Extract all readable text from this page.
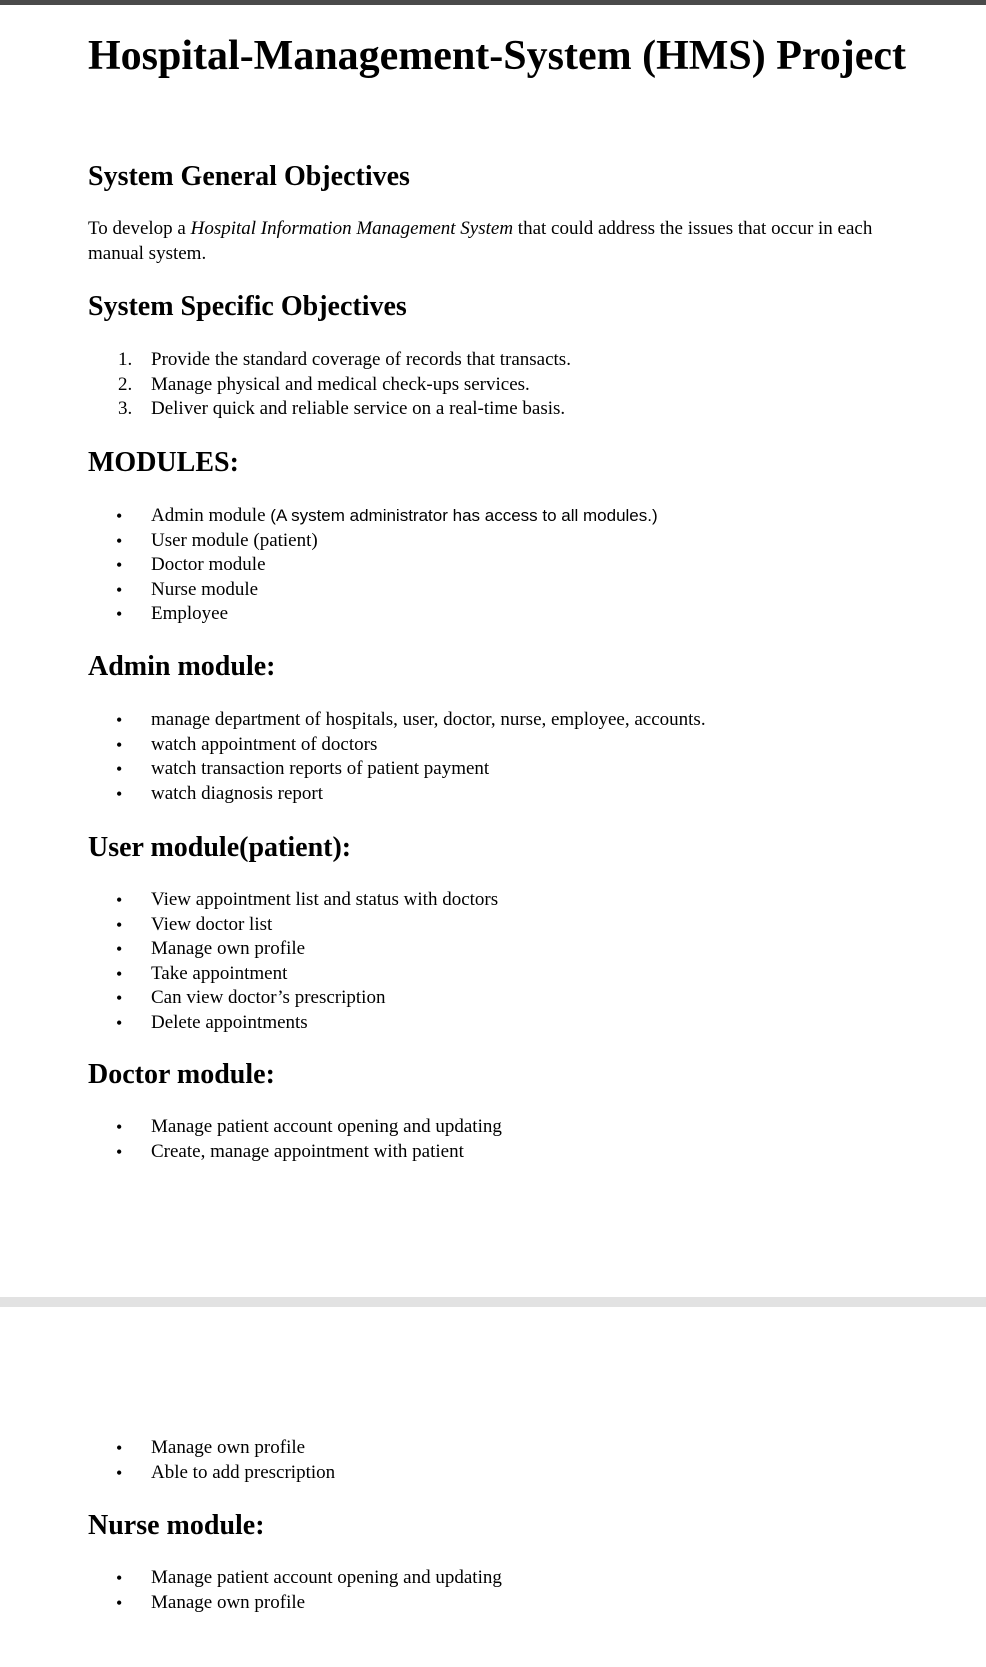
Hospital-Management-System (HMS) Project
System General Objectives
To develop a Hospital Information Management System that could address the issues that occur in each manual system.
System Specific Objectives
1. Provide the standard coverage of records that transacts.
2. Manage physical and medical check-ups services.
3. Deliver quick and reliable service on a real-time basis.
MODULES:
• Admin module (A system administrator has access to all modules.)
• User module (patient)
• Doctor module
• Nurse module
• Employee
Admin module:
• manage department of hospitals, user, doctor, nurse, employee, accounts.
• watch appointment of doctors
• watch transaction reports of patient payment
• watch diagnosis report
User module(patient):
• View appointment list and status with doctors
• View doctor list
• Manage own profile
• Take appointment
• Can view doctor’s prescription
• Delete appointments
Doctor module:
• Manage patient account opening and updating
• Create, manage appointment with patient
• Manage own profile
• Able to add prescription
Nurse module:
• Manage patient account opening and updating
• Manage own profile
